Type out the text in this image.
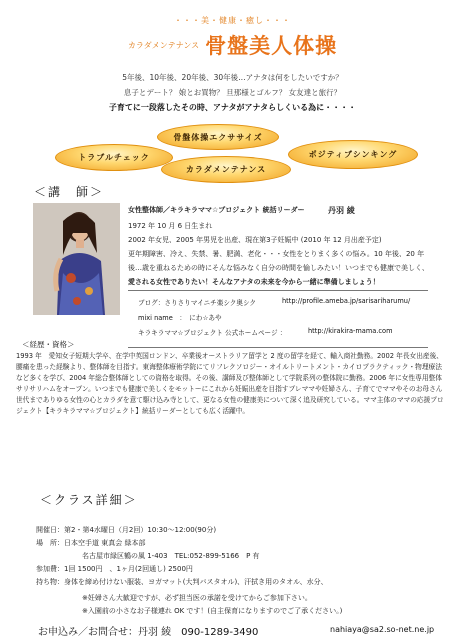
・・・美・健康・癒し・・・
カラダメンテナンス 骨盤美人体操
5年後、10年後、20年後、30年後…アナタは何をしたいですか？
息子とデート？ 娘とお買物？ 旦那様とゴルフ？ 女友達と旅行？
子育てに一段落したその時、アナタがアナタらしくいる為に・・・・
骨盤体操エクササイズ
トラブルチェック	ポジティブシンキング
カラダメンテナンス
＜講　師＞
女性整体師／キラキラママ☆プロジェクト 統括リーダー	丹羽 綾
1972 年 10 月 6 日生まれ
2002 年女児、2005 年男児を出産、現在第3子妊娠中 (2010 年 12 月出産予定)
更年期障害、冷え、失禁、暑、肥満、老化・・・女性をとりまく多くの悩み。10 年後、20 年
後…歳を重ねるための時にそんな悩みなく自分の時間を愉しみたい！いつまでも健康で美しく、
愛される女性でありたい！そんなアナタの未来を今から一緒に準備しましょう！
ブログ：さりさりマイニチ楽シク奥シク	http://profile.ameba.jp/sarisariharumu/
mixi name　：　にわ☆あや
キラキラママ☆プロジェクト 公式ホームページ ：	http://kirakira-mama.com
＜経歴・資格＞
1993 年　愛知女子短期大学卒、在学中英国ロンドン、卒業後オーストラリア留学と 2 度の留学を経て、輸入商社勤務。2002 年長女出産後、腰痛を患った経験より、整体師を目指す。東海整体療術学院にてリフレクソロジー・オイルトリートメント・カイロプラクティック・物理療法など多くを学び、2004 年総合整体師としての資格を取得。その後、講師及び整体師として学院系列の整体院に勤務。2006 年に女性専用整体サリサリハムをオープン。いつまでも健康で美しくをモットーにこれから妊娠出産を目指すプレママや妊婦さん、子育てでママやそのお母さん世代までありゆる女性の心とカラダを意て駆け込み寺として、更なる女性の健康美について深く追及研究している。ママ主体のママの応援プロジェクト【キラキラママ☆プロジェクト】統括リーダーとしても広く活躍中。
＜クラス詳細＞
開催日：第2・第4水曜日（月2回）10:30～12:00(90分)
場　所：日本空手道 東真会 緑本部
名古屋市緑区鶴の風 1-403　TEL:052-899-5166　P 有
参加費：1回 1500円　、1ヶ月(2回通し) 2500円
持ち物：身体を締め付けない服装、ヨガマット(大判バスタオル)、汗拭き用のタオル、水分、
※妊婦さん大歓迎ですが、必ず担当医の承諾を受けてからご参加下さい。
※入園前の小さなお子様連れ OK です！(自主保育になりますのでご了承ください。)
お申込み／お問合せ：丹羽 綾　090-1289-3490	nahiaya@sa2.so-net.ne.jp
